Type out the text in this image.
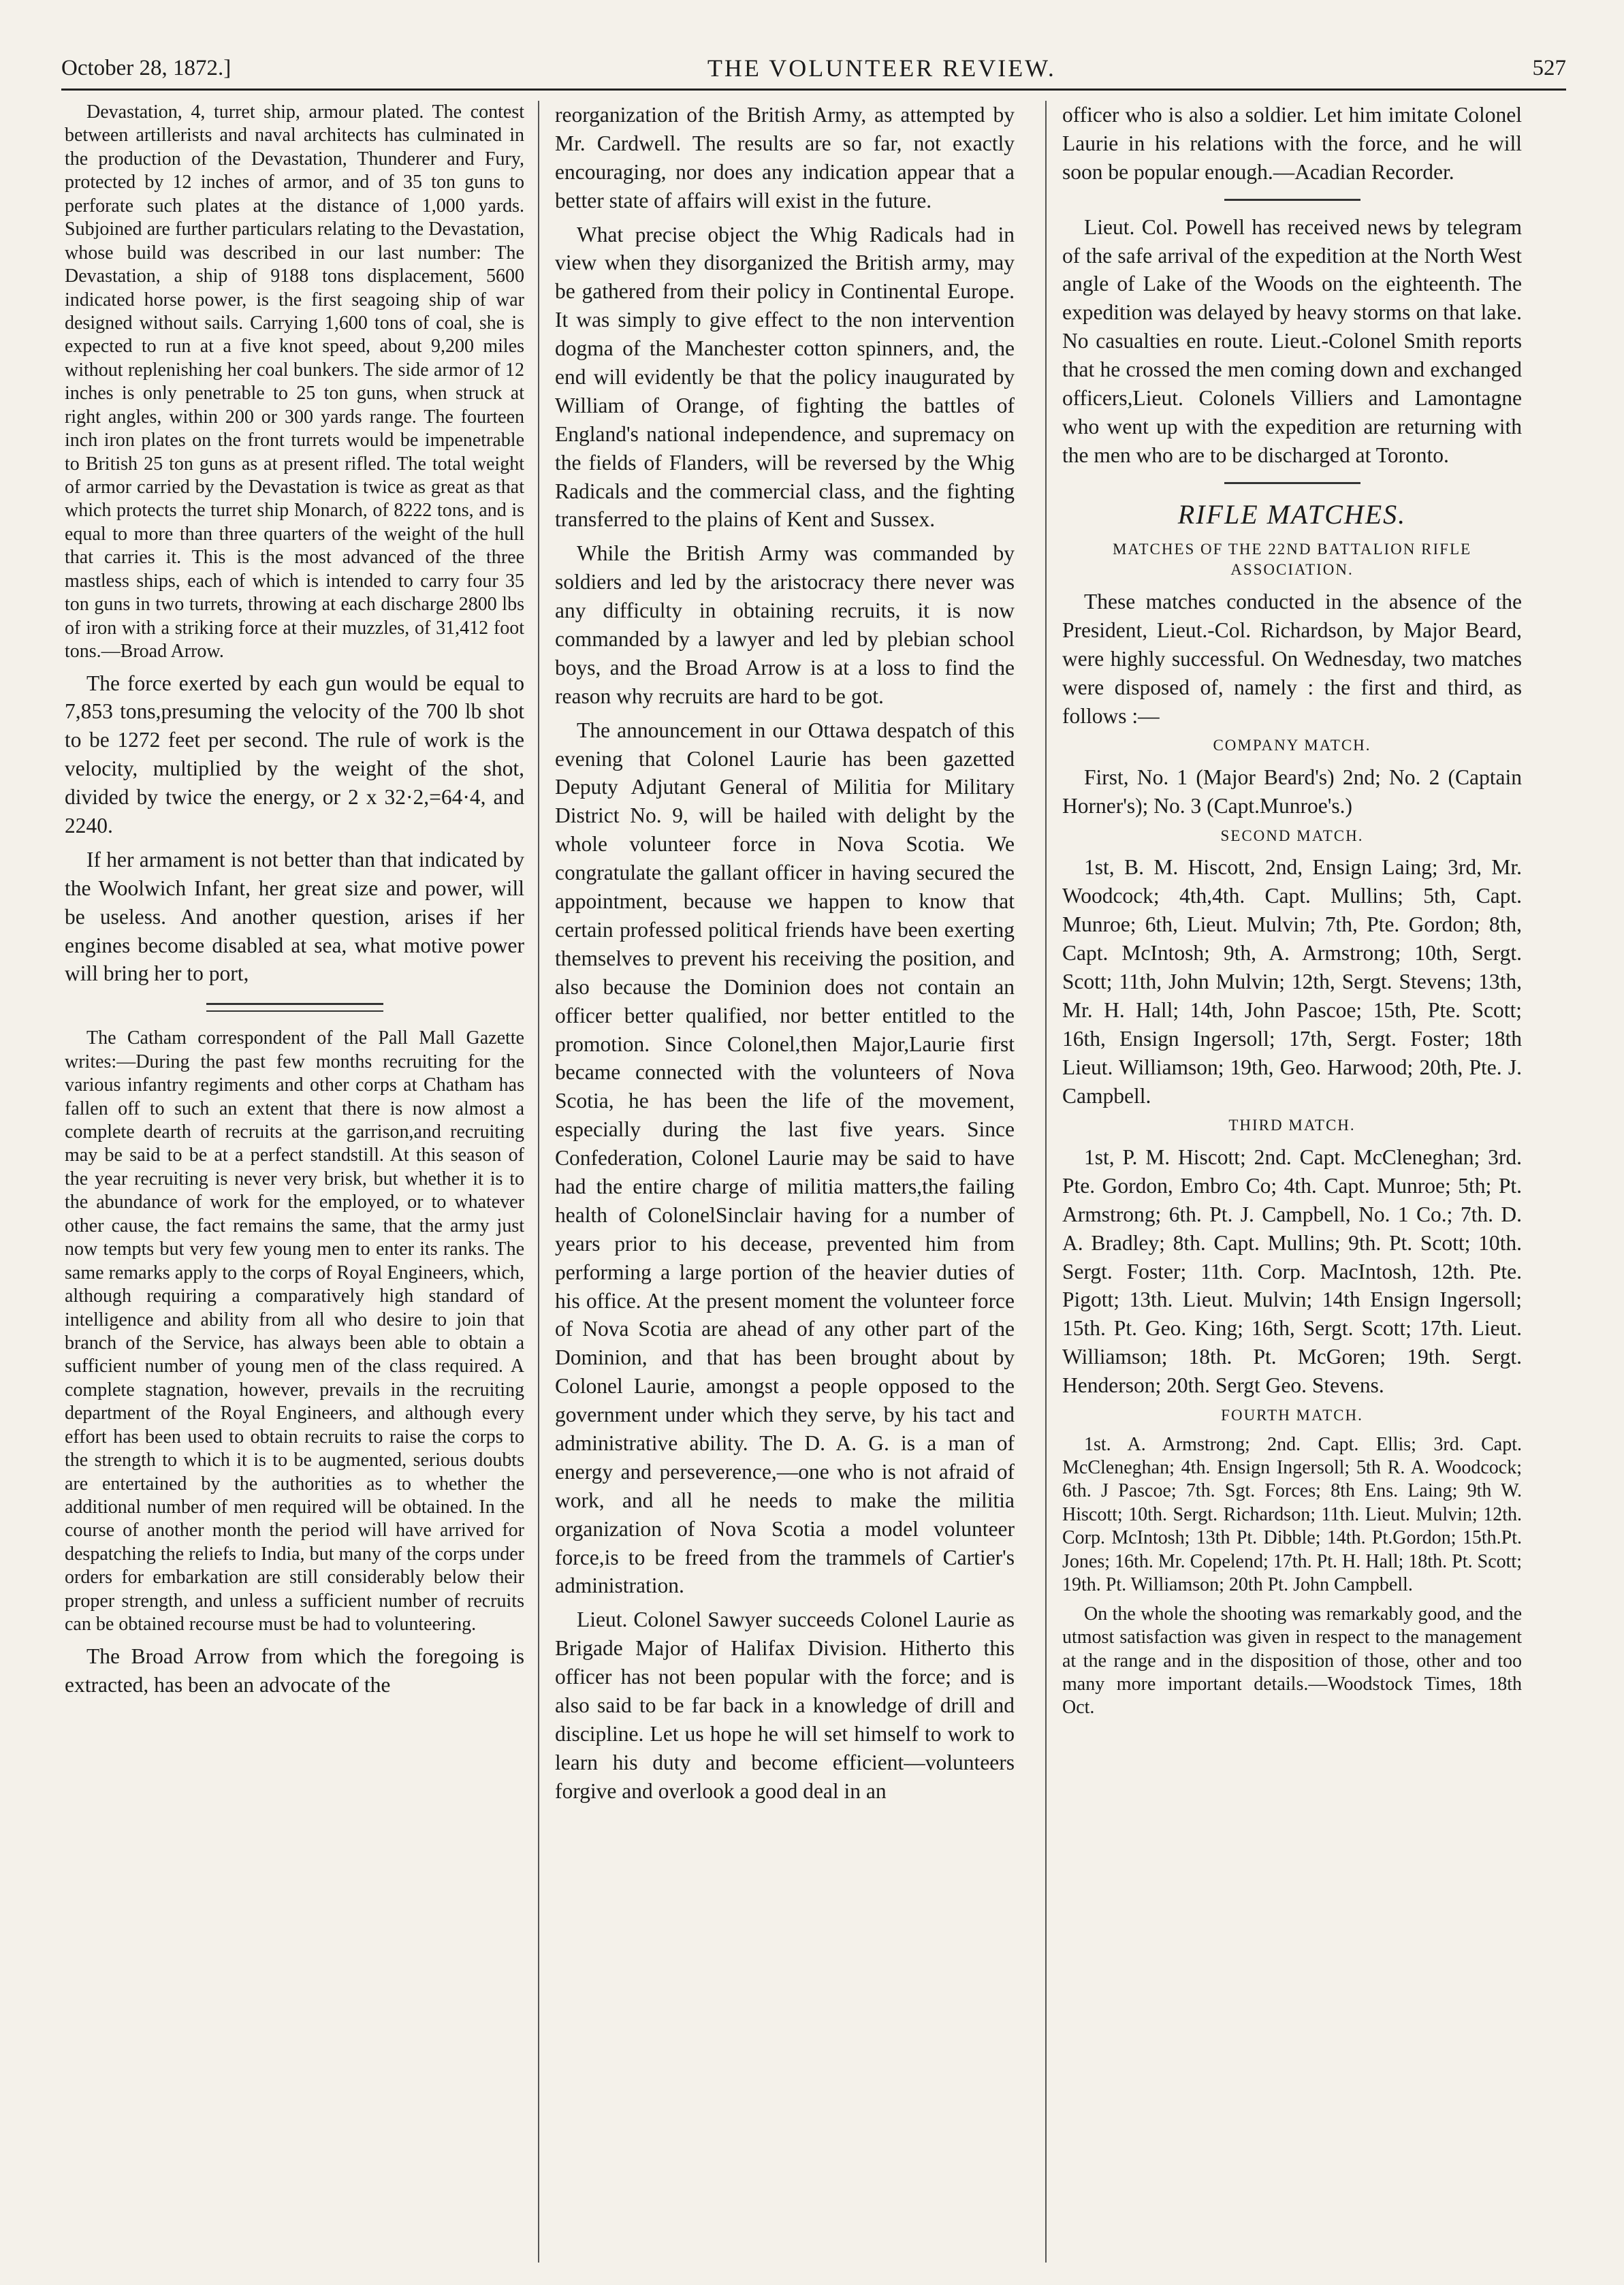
October 28, 1872.]	THE VOLUNTEER REVIEW.	527

Devastation, 4, turret ship, armour plated. The contest between artillerists and naval architects has culminated in the production of the Devastation, Thunderer and Fury, protected by 12 inches of armor, and of 35 ton guns to perforate such plates at the distance of 1,000 yards. Subjoined are further particulars relating to the Devastation, whose build was described in our last number: The Devastation, a ship of 9188 tons displacement, 5600 indicated horse power, is the first seagoing ship of war designed without sails. Carrying 1,600 tons of coal, she is expected to run at a five knot speed, about 9,200 miles without replenishing her coal bunkers. The side armor of 12 inches is only penetrable to 25 ton guns, when struck at right angles, within 200 or 300 yards range. The fourteen inch iron plates on the front turrets would be impenetrable to British 25 ton guns as at present rifled. The total weight of armor carried by the Devastation is twice as great as that which protects the turret ship Monarch, of 8222 tons, and is equal to more than three quarters of the weight of the hull that carries it. This is the most advanced of the three mastless ships, each of which is intended to carry four 35 ton guns in two turrets, throwing at each discharge 2800 lbs of iron with a striking force at their muzzles, of 31,412 foot tons.—Broad Arrow.

The force exerted by each gun would be equal to 7,853 tons,presuming the velocity of the 700 lb shot to be 1272 feet per second. The rule of work is the velocity, multiplied by the weight of the shot, divided by twice the energy, or 2 x 32·2,=64·4, and 2240.

If her armament is not better than that indicated by the Woolwich Infant, her great size and power, will be useless. And another question, arises if her engines become disabled at sea, what motive power will bring her to port,

The Catham correspondent of the Pall Mall Gazette writes:—During the past few months recruiting for the various infantry regiments and other corps at Chatham has fallen off to such an extent that there is now almost a complete dearth of recruits at the garrison,and recruiting may be said to be at a perfect standstill. At this season of the year recruiting is never very brisk, but whether it is to the abundance of work for the employed, or to whatever other cause, the fact remains the same, that the army just now tempts but very few young men to enter its ranks. The same remarks apply to the corps of Royal Engineers, which, although requiring a comparatively high standard of intelligence and ability from all who desire to join that branch of the Service, has always been able to obtain a sufficient number of young men of the class required. A complete stagnation, however, prevails in the recruiting department of the Royal Engineers, and although every effort has been used to obtain recruits to raise the corps to the strength to which it is to be augmented, serious doubts are entertained by the authorities as to whether the additional number of men required will be obtained. In the course of another month the period will have arrived for despatching the reliefs to India, but many of the corps under orders for embarkation are still considerably below their proper strength, and unless a sufficient number of recruits can be obtained recourse must be had to volunteering.

The Broad Arrow from which the foregoing is extracted, has been an advocate of the

reorganization of the British Army, as attempted by Mr. Cardwell. The results are so far, not exactly encouraging, nor does any indication appear that a better state of affairs will exist in the future.

What precise object the Whig Radicals had in view when they disorganized the British army, may be gathered from their policy in Continental Europe. It was simply to give effect to the non intervention dogma of the Manchester cotton spinners, and, the end will evidently be that the policy inaugurated by William of Orange, of fighting the battles of England's national independence, and supremacy on the fields of Flanders, will be reversed by the Whig Radicals and the commercial class, and the fighting transferred to the plains of Kent and Sussex.

While the British Army was commanded by soldiers and led by the aristocracy there never was any difficulty in obtaining recruits, it is now commanded by a lawyer and led by plebian school boys, and the Broad Arrow is at a loss to find the reason why recruits are hard to be got.

The announcement in our Ottawa despatch of this evening that Colonel Laurie has been gazetted Deputy Adjutant General of Militia for Military District No. 9, will be hailed with delight by the whole volunteer force in Nova Scotia. We congratulate the gallant officer in having secured the appointment, because we happen to know that certain professed political friends have been exerting themselves to prevent his receiving the position, and also because the Dominion does not contain an officer better qualified, nor better entitled to the promotion. Since Colonel,then Major,Laurie first became connected with the volunteers of Nova Scotia, he has been the life of the movement, especially during the last five years. Since Confederation, Colonel Laurie may be said to have had the entire charge of militia matters,the failing health of ColonelSinclair having for a number of years prior to his decease, prevented him from performing a large portion of the heavier duties of his office. At the present moment the volunteer force of Nova Scotia are ahead of any other part of the Dominion, and that has been brought about by Colonel Laurie, amongst a people opposed to the government under which they serve, by his tact and administrative ability. The D. A. G. is a man of energy and perseverence,—one who is not afraid of work, and all he needs to make the militia organization of Nova Scotia a model volunteer force,is to be freed from the trammels of Cartier's administration.

Lieut. Colonel Sawyer succeeds Colonel Laurie as Brigade Major of Halifax Division. Hitherto this officer has not been popular with the force; and is also said to be far back in a knowledge of drill and discipline. Let us hope he will set himself to work to learn his duty and become efficient—volunteers forgive and overlook a good deal in an

officer who is also a soldier. Let him imitate Colonel Laurie in his relations with the force, and he will soon be popular enough.—Acadian Recorder.

Lieut. Col. Powell has received news by telegram of the safe arrival of the expedition at the North West angle of Lake of the Woods on the eighteenth. The expedition was delayed by heavy storms on that lake. No casualties en route. Lieut.-Colonel Smith reports that he crossed the men coming down and exchanged officers,Lieut. Colonels Villiers and Lamontagne who went up with the expedition are returning with the men who are to be discharged at Toronto.

RIFLE MATCHES.

MATCHES OF THE 22ND BATTALION RIFLE ASSOCIATION.

These matches conducted in the absence of the President, Lieut.-Col. Richardson, by Major Beard, were highly successful. On Wednesday, two matches were disposed of, namely : the first and third, as follows :—

COMPANY MATCH.

First, No. 1 (Major Beard's) 2nd; No. 2 (Captain Horner's); No. 3 (Capt.Munroe's.)

SECOND MATCH.

1st, B. M. Hiscott, 2nd, Ensign Laing; 3rd, Mr. Woodcock; 4th,4th. Capt. Mullins; 5th, Capt. Munroe; 6th, Lieut. Mulvin; 7th, Pte. Gordon; 8th, Capt. McIntosh; 9th, A. Armstrong; 10th, Sergt. Scott; 11th, John Mulvin; 12th, Sergt. Stevens; 13th, Mr. H. Hall; 14th, John Pascoe; 15th, Pte. Scott; 16th, Ensign Ingersoll; 17th, Sergt. Foster; 18th Lieut. Williamson; 19th, Geo. Harwood; 20th, Pte. J. Campbell.

THIRD MATCH.

1st, P. M. Hiscott; 2nd. Capt. McCleneghan; 3rd. Pte. Gordon, Embro Co; 4th. Capt. Munroe; 5th; Pt. Armstrong; 6th. Pt. J. Campbell, No. 1 Co.; 7th. D. A. Bradley; 8th. Capt. Mullins; 9th. Pt. Scott; 10th. Sergt. Foster; 11th. Corp. MacIntosh, 12th. Pte. Pigott; 13th. Lieut. Mulvin; 14th Ensign Ingersoll; 15th. Pt. Geo. King; 16th, Sergt. Scott; 17th. Lieut. Williamson; 18th. Pt. McGoren; 19th. Sergt. Henderson; 20th. Sergt Geo. Stevens.

FOURTH MATCH.

1st. A. Armstrong; 2nd. Capt. Ellis; 3rd. Capt. McCleneghan; 4th. Ensign Ingersoll; 5th R. A. Woodcock; 6th. J Pascoe; 7th. Sgt. Forces; 8th Ens. Laing; 9th W. Hiscott; 10th. Sergt. Richardson; 11th. Lieut. Mulvin; 12th. Corp. McIntosh; 13th Pt. Dibble; 14th. Pt.Gordon; 15th.Pt. Jones; 16th. Mr. Copelend; 17th. Pt. H. Hall; 18th. Pt. Scott; 19th. Pt. Williamson; 20th Pt. John Campbell.

On the whole the shooting was remarkably good, and the utmost satisfaction was given in respect to the management at the range and in the disposition of those, other and too many more important details.—Woodstock Times, 18th Oct.
